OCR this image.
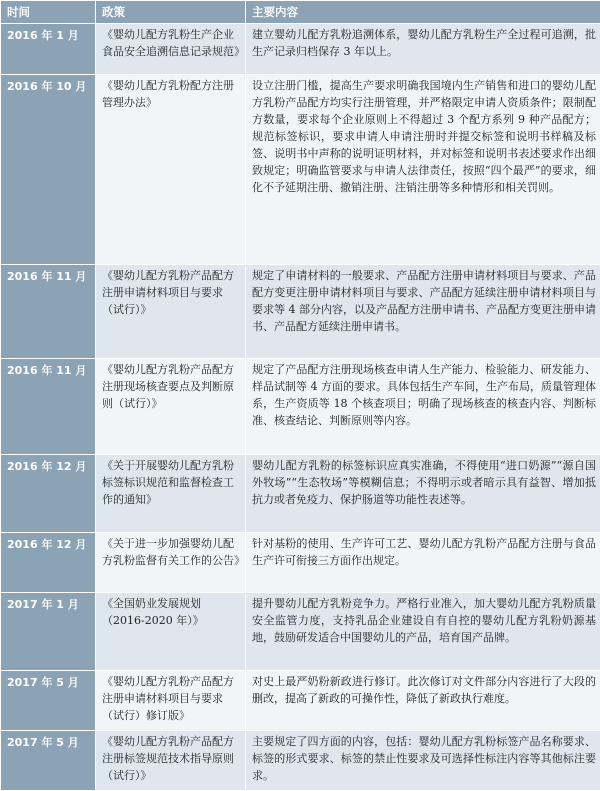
时间	政策	主要内容
2016 年 1 月	《婴幼儿配方乳粉生产企业食品安全追溯信息记录规范》	建立婴幼儿配方乳粉追溯体系，婴幼儿配方乳粉生产全过程可追溯，批生产记录归档保存 3 年以上。
2016 年 10 月	《婴幼儿配方乳粉配方注册管理办法》	设立注册门槛，提高生产要求明确我国境内生产销售和进口的婴幼儿配方乳粉产品配方均实行注册管理，并严格限定申请人资质条件；限制配方数量，要求每个企业原则上不得超过 3 个配方系列 9 种产品配方；规范标签标识，要求申请人申请注册时并提交标签和说明书样稿及标签、说明书中声称的说明证明材料，并对标签和说明书表述要求作出细致规定；明确监管要求与申请人法律责任，按照“四个最严”的要求，细化不予延期注册、撤销注册、注销注册等多种情形和相关罚则。
2016 年 11 月	《婴幼儿配方乳粉产品配方注册申请材料项目与要求（试行）》	规定了申请材料的一般要求、产品配方注册申请材料项目与要求、产品配方变更注册申请材料项目与要求、产品配方延续注册申请材料项目与要求等 4 部分内容，以及产品配方注册申请书、产品配方变更注册申请书、产品配方延续注册申请书。
2016 年 11 月	《婴幼儿配方乳粉产品配方注册现场核查要点及判断原则（试行）》	规定了产品配方注册现场核查申请人生产能力、检验能力、研发能力、样品试制等 4 方面的要求。具体包括生产车间，生产布局，质量管理体系，生产资质等 18 个核查项目；明确了现场核查的核查内容、判断标准、核查结论、判断原则等内容。
2016 年 12 月	《关于开展婴幼儿配方乳粉标签标识规范和监督检查工作的通知》	婴幼儿配方乳粉的标签标识应真实准确，不得使用“进口奶源”“源自国外牧场”“生态牧场”等模糊信息；不得明示或者暗示具有益智、增加抵抗力或者免疫力、保护肠道等功能性表述等。
2016 年 12 月	《关于进一步加强婴幼儿配方乳粉监督有关工作的公告》	针对基粉的使用、生产许可工艺、婴幼儿配方乳粉产品配方注册与食品生产许可衔接三方面作出规定。
2017 年 1 月	《全国奶业发展规划（2016-2020 年）》	提升婴幼儿配方乳粉竞争力。严格行业准入，加大婴幼儿配方乳粉质量安全监管力度，支持乳品企业建设自有自控的婴幼儿配方乳粉奶源基地，鼓励研发适合中国婴幼儿的产品，培育国产品牌。
2017 年 5 月	《婴幼儿配方乳粉产品配方注册申请材料项目与要求（试行）修订版》	对史上最严奶粉新政进行修订。此次修订对文件部分内容进行了大段的删改，提高了新政的可操作性，降低了新政执行难度。
2017 年 5 月	《婴幼儿配方乳粉产品配方注册标签规范技术指导原则（试行）》	主要规定了四方面的内容，包括：婴幼儿配方乳粉标签产品名称要求、标签的形式要求、标签的禁止性要求及可选择性标注内容等其他标注要求。
